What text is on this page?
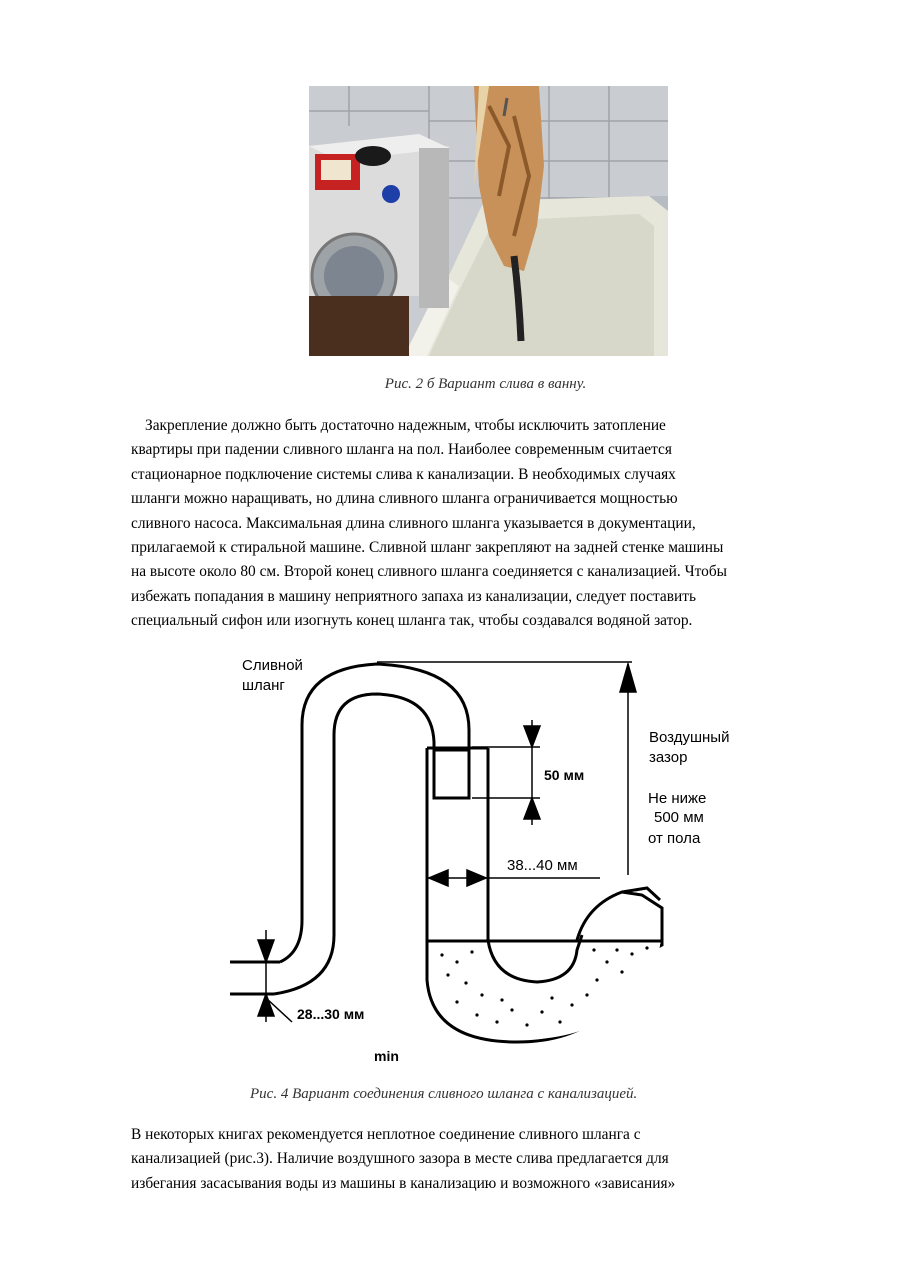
Рис. 2 б Вариант слива в ванну.

Закрепление должно быть достаточно надежным, чтобы исключить затопление
квартиры при падении сливного шланга на пол. Наиболее современным считается
стационарное подключение системы слива к канализации. В необходимых случаях
шланги можно наращивать, но длина сливного шланга ограничивается мощностью
сливного насоса. Максимальная длина сливного шланга указывается в документации,
прилагаемой к стиральной машине. Сливной шланг закрепляют на задней стенке машины
на высоте около 80 см. Второй конец сливного шланга соединяется с канализацией. Чтобы
избежать попадания в машину неприятного запаха из канализации, следует поставить
специальный сифон или изогнуть конец шланга так, чтобы создавался водяной затор.

Сливной
шланг
Воздушный
зазор
Не ниже
500 мм
от пола
50 мм
38...40 мм
28...30 мм
min
Рис. 4 Вариант соединения сливного шланга с канализацией.

В некоторых книгах рекомендуется неплотное соединение сливного шланга с
канализацией (рис.3). Наличие воздушного зазора в месте слива предлагается для
избегания засасывания воды из машины в канализацию и возможного «зависания»
